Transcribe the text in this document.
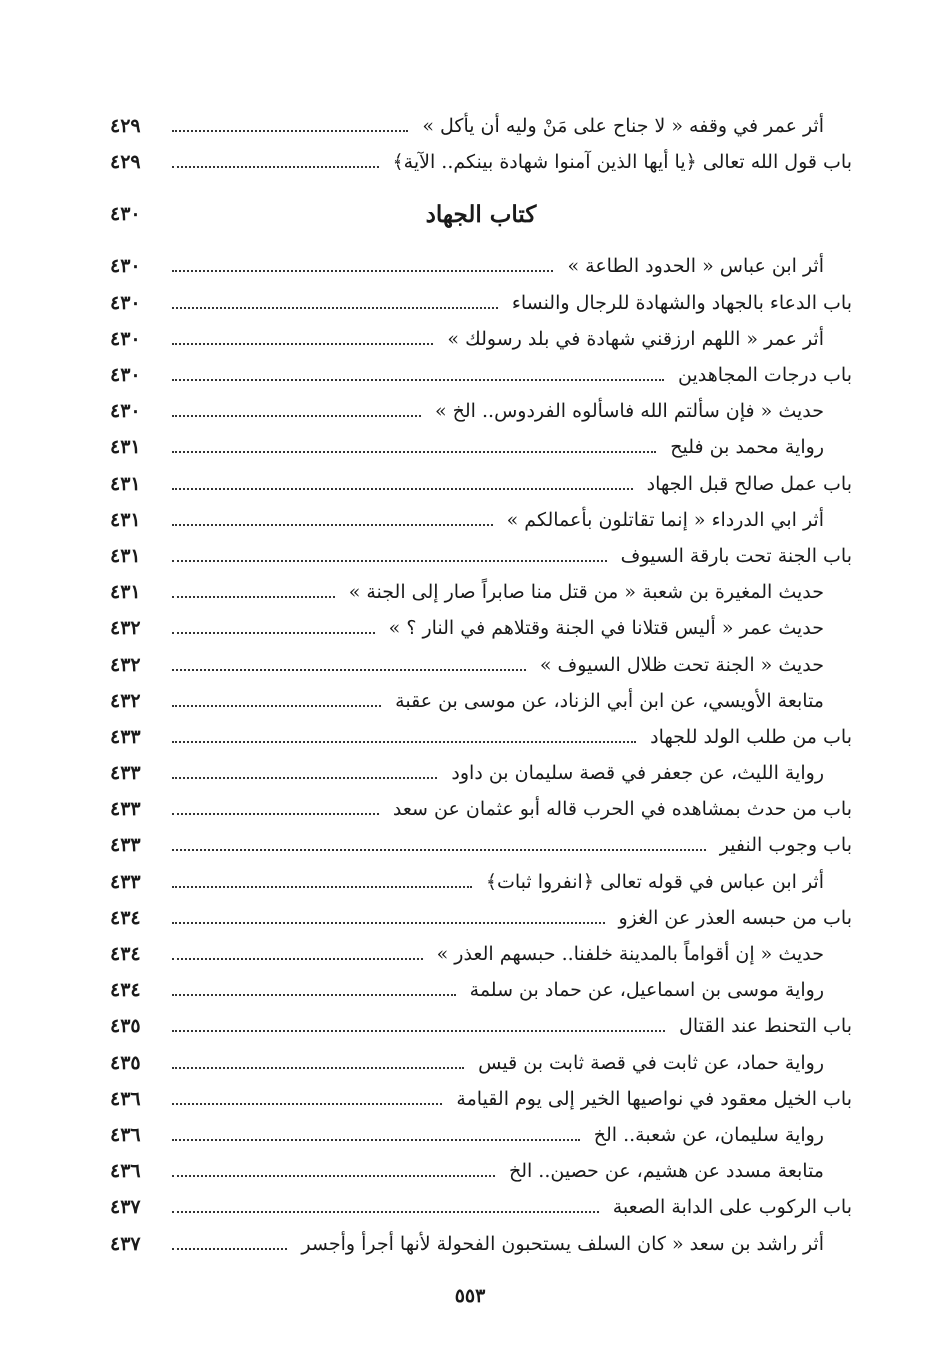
أثر عمر في وقفه « لا جناح على مَنْ وليه أن يأكل »
٤٢٩
باب قول الله تعالى ﴿يا أيها الذين آمنوا شهادة بينكم.. الآية﴾
٤٢٩
كتاب الجهاد
٤٣٠
أثر ابن عباس « الحدود الطاعة »
٤٣٠
باب الدعاء بالجهاد والشهادة للرجال والنساء
٤٣٠
أثر عمر « اللهم ارزقني شهادة في بلد رسولك »
٤٣٠
باب درجات المجاهدين
٤٣٠
حديث « فإن سألتم الله فاسألوه الفردوس.. الخ »
٤٣٠
رواية محمد بن فليح
٤٣١
باب عمل صالح قبل الجهاد
٤٣١
أثر ابي الدرداء « إنما تقاتلون بأعمالكم »
٤٣١
باب الجنة تحت بارقة السيوف
٤٣١
حديث المغيرة بن شعبة « من قتل منا صابراً صار إلى الجنة »
٤٣١
حديث عمر « أليس قتلانا في الجنة وقتلاهم في النار ؟ »
٤٣٢
حديث « الجنة تحت ظلال السيوف »
٤٣٢
متابعة الأويسي، عن ابن أبي الزناد، عن موسى بن عقبة
٤٣٢
باب من طلب الولد للجهاد
٤٣٣
رواية الليث، عن جعفر في قصة سليمان بن داود
٤٣٣
باب من حدث بمشاهده في الحرب قاله أبو عثمان عن سعد
٤٣٣
باب وجوب النفير
٤٣٣
أثر ابن عباس في قوله تعالى ﴿انفروا ثبات﴾
٤٣٣
باب من حبسه العذر عن الغزو
٤٣٤
حديث « إن أقواماً بالمدينة خلفنا.. حبسهم العذر »
٤٣٤
رواية موسى بن اسماعيل، عن حماد بن سلمة
٤٣٤
باب التحنط عند القتال
٤٣٥
رواية حماد، عن ثابت في قصة ثابت بن قيس
٤٣٥
باب الخيل معقود في نواصيها الخير إلى يوم القيامة
٤٣٦
رواية سليمان، عن شعبة.. الخ
٤٣٦
متابعة مسدد عن هشيم، عن حصين.. الخ
٤٣٦
باب الركوب على الدابة الصعبة
٤٣٧
أثر راشد بن سعد « كان السلف يستحبون الفحولة لأنها أجرأ وأجسر
٤٣٧
٥٥٣
